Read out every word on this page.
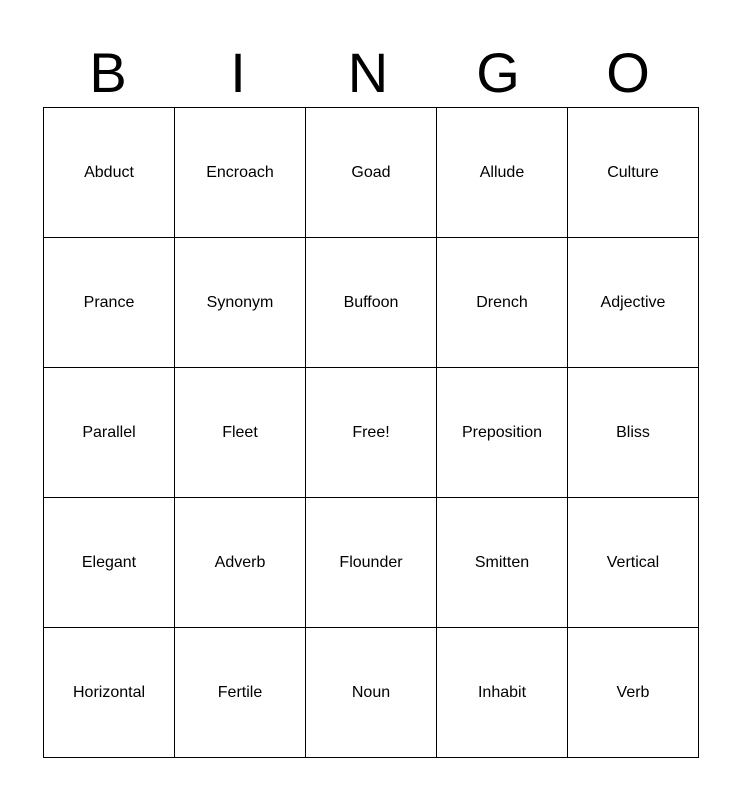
B	I	N	G	O
Abduct	Encroach	Goad	Allude	Culture
Prance	Synonym	Buffoon	Drench	Adjective
Parallel	Fleet	Free!	Preposition	Bliss
Elegant	Adverb	Flounder	Smitten	Vertical
Horizontal	Fertile	Noun	Inhabit	Verb
